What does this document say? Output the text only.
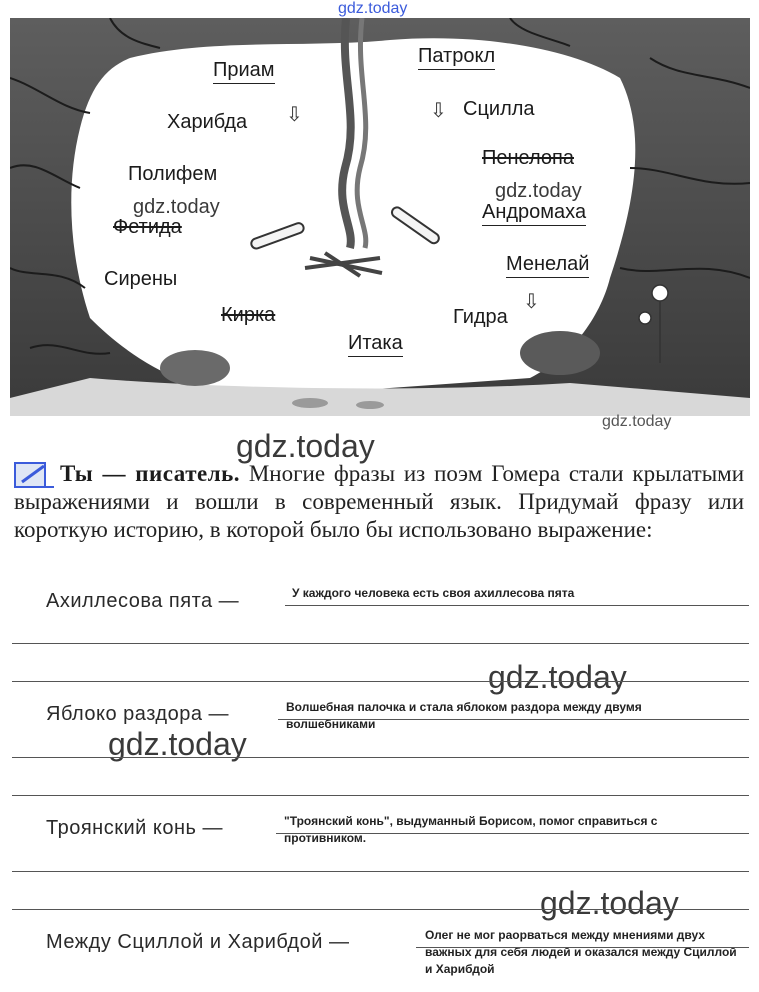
gdz.today
Приам
Патрокл
⇩	⇩
Харибда
Сцилла
Полифем
Пенелопа
Фетида
Андромаха
Сирены
Менелай
⇩
Кирка	Гидра
Итака
gdz.today
gdz.today
gdz.today
gdz.today
Ты — писатель. Многие фразы из поэм Гомера стали крылатыми выражениями и вошли в современный язык. Придумай фразу или короткую историю, в которой было бы использовано выражение:
Ахиллесова пята —	У каждого человека есть своя ахиллесова пята
gdz.today
Яблоко раздора —	Волшебная палочка и стала яблоком раздора между двумя волшебниками
gdz.today
Троянский конь —	"Троянский конь", выдуманный Борисом, помог справиться с противником.
gdz.today
Между Сциллой и Харибдой —	Олег не мог раорваться между мнениями двух важных для себя людей и оказался между Сциллой и Харибдой
